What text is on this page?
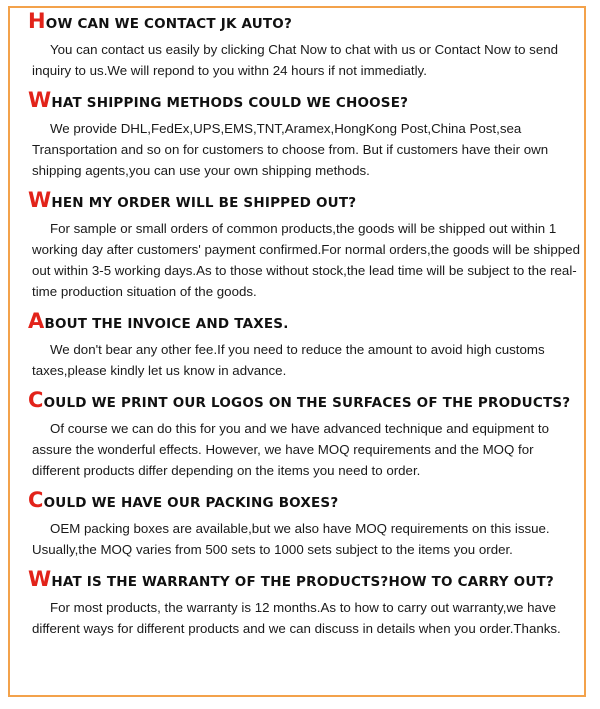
HOW CAN WE CONTACT JK AUTO?

You can contact us easily by clicking Chat Now to chat with us or Contact Now to send inquiry to us.We will repond to you withn 24 hours if not immediatly.

WHAT SHIPPING METHODS COULD WE CHOOSE?

We provide DHL,FedEx,UPS,EMS,TNT,Aramex,HongKong Post,China Post,sea Transportation and so on for customers to choose from. But if customers have their own shipping agents,you can use your own shipping methods.

WHEN MY ORDER WILL BE SHIPPED OUT?

For sample or small orders of common products,the goods will be shipped out within 1 working day after customers' payment confirmed.For normal orders,the goods will be shipped out within 3-5 working days.As to those without stock,the lead time will be subject to the real-time production situation of the goods.

ABOUT THE INVOICE AND TAXES.

We don't bear any other fee.If you need to reduce the amount to avoid high customs taxes,please kindly let us know in advance.

COULD WE PRINT OUR LOGOS ON THE SURFACES OF THE PRODUCTS?

Of course we can do this for you and we have advanced technique and equipment to assure the wonderful effects. However, we have MOQ requirements and the MOQ for different products differ depending on the items you need to order.

COULD WE HAVE OUR PACKING BOXES?

OEM packing boxes are available,but we also have MOQ requirements on this issue. Usually,the MOQ varies from 500 sets to 1000 sets subject to the items you order.

WHAT IS THE WARRANTY OF THE PRODUCTS?HOW TO CARRY OUT?

For most products, the warranty is 12 months.As to how to carry out warranty,we have different ways for different products and we can discuss in details when you order.Thanks.
